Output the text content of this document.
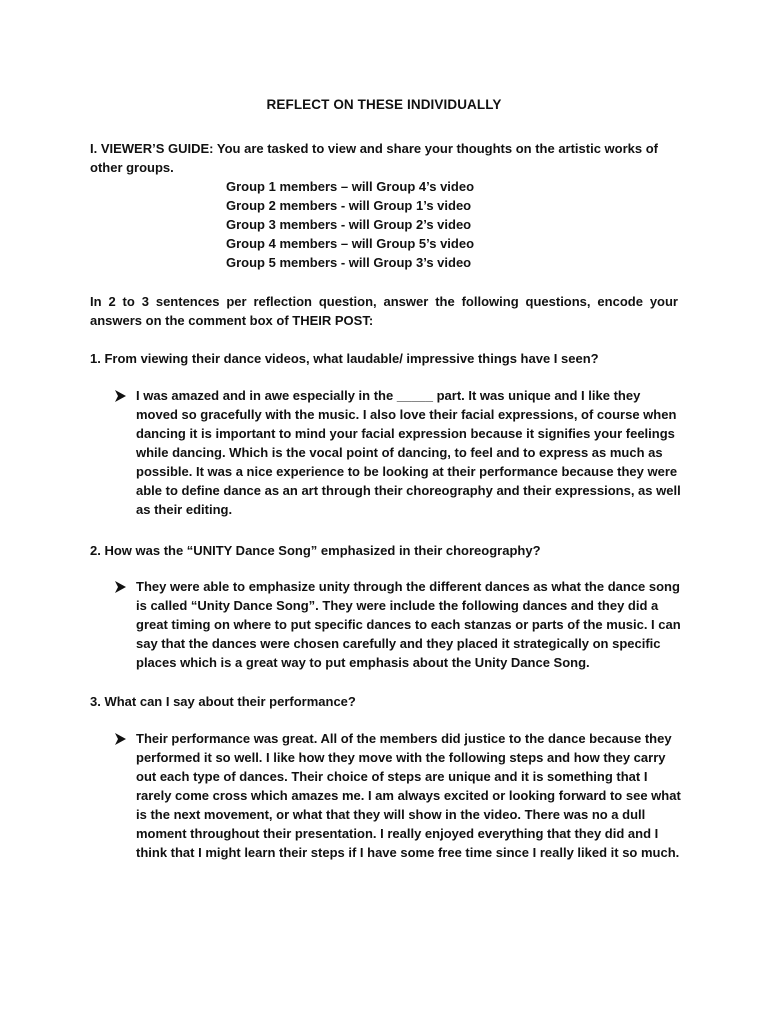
REFLECT ON THESE INDIVIDUALLY
I. VIEWER’S GUIDE: You are tasked to view and share your thoughts on the artistic works of other groups.
Group 1 members – will Group 4’s video
Group 2 members - will Group 1’s video
Group 3 members - will Group 2’s video
Group 4 members – will Group 5’s video
Group 5 members - will Group 3’s video
In 2 to 3 sentences per reflection question, answer the following questions, encode your answers on the comment box of THEIR POST:
1. From viewing their dance videos, what laudable/ impressive things have I seen?
I was amazed and in awe especially in the _____ part. It was unique and I like they moved so gracefully with the music. I also love their facial expressions, of course when dancing it is important to mind your facial expression because it signifies your feelings while dancing. Which is the vocal point of dancing, to feel and to express as much as possible. It was a nice experience to be looking at their performance because they were able to define dance as an art through their choreography and their expressions, as well as their editing.
2. How was the “UNITY Dance Song” emphasized in their choreography?
They were able to emphasize unity through the different dances as what the dance song is called “Unity Dance Song”. They were include the following dances and they did a great timing on where to put specific dances to each stanzas or parts of the music. I can say that the dances were chosen carefully and they placed it strategically on specific places which is a great way to put emphasis about the Unity Dance Song.
3. What can I say about their performance?
Their performance was great. All of the members did justice to the dance because they performed it so well. I like how they move with the following steps and how they carry out each type of dances. Their choice of steps are unique and it is something that I rarely come cross which amazes me. I am always excited or looking forward to see what is the next movement, or what that they will show in the video. There was no a dull moment throughout their presentation. I really enjoyed everything that they did and I think that I might learn their steps if I have some free time since I really liked it so much.
